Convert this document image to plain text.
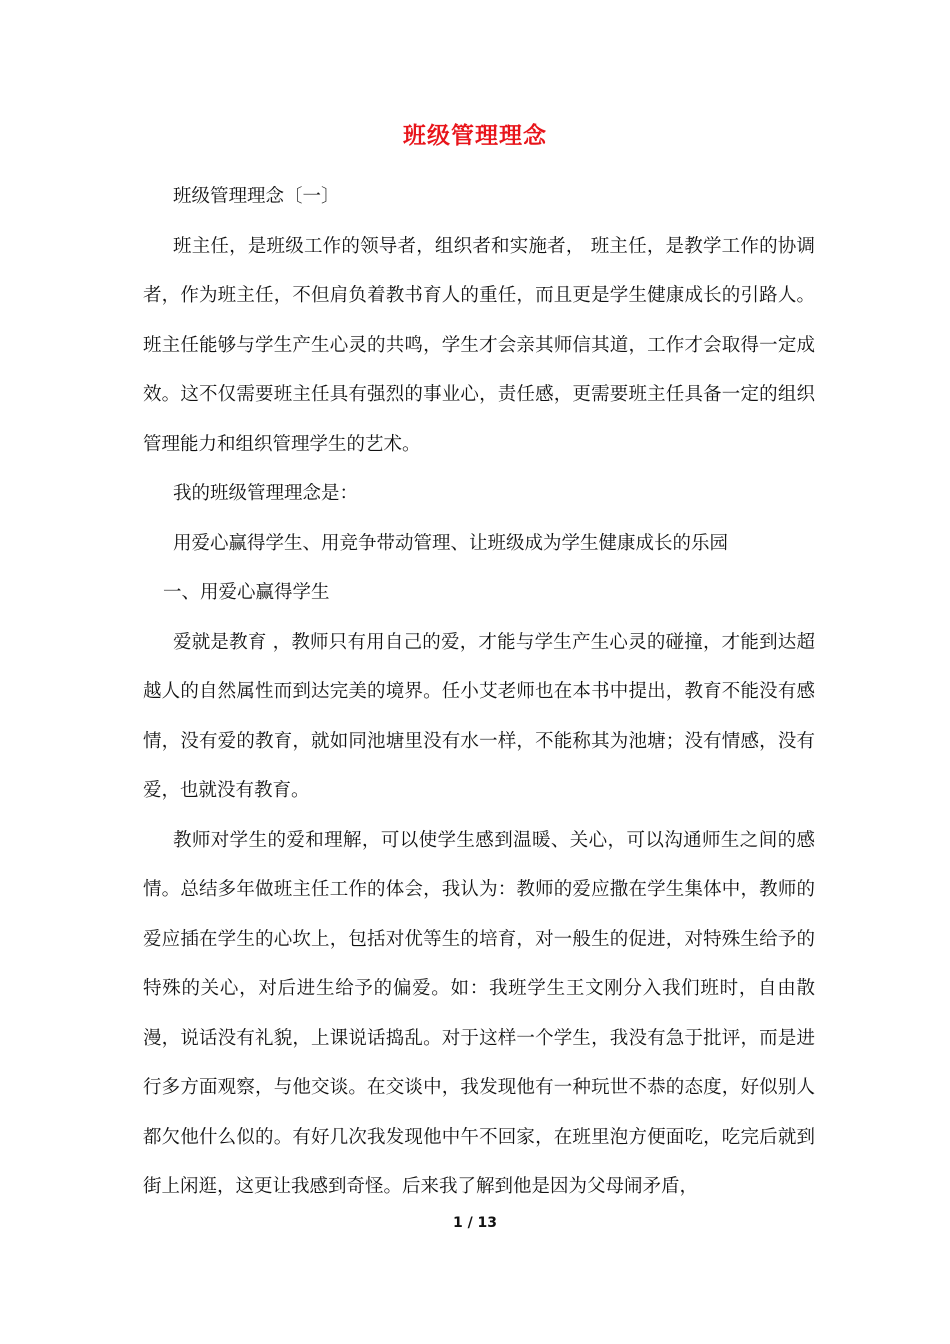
班级管理理念

班级管理理念〔一〕

班主任，是班级工作的领导者，组织者和实施者， 班主任，是教学工作的协调者，作为班主任，不但肩负着教书育人的重任，而且更是学生健康成长的引路人。班主任能够与学生产生心灵的共鸣，学生才会亲其师信其道，工作才会取得一定成效。这不仅需要班主任具有强烈的事业心，责任感，更需要班主任具备一定的组织管理能力和组织管理学生的艺术。

我的班级管理理念是：

用爱心赢得学生、用竞争带动管理、让班级成为学生健康成长的乐园

一、用爱心赢得学生

爱就是教育 ，教师只有用自己的爱，才能与学生产生心灵的碰撞，才能到达超越人的自然属性而到达完美的境界。任小艾老师也在本书中提出，教育不能没有感情，没有爱的教育，就如同池塘里没有水一样，不能称其为池塘；没有情感，没有爱，也就没有教育。

教师对学生的爱和理解，可以使学生感到温暖、关心，可以沟通师生之间的感情。总结多年做班主任工作的体会，我认为：教师的爱应撒在学生集体中，教师的爱应插在学生的心坎上，包括对优等生的培育，对一般生的促进，对特殊生给予的特殊的关心，对后进生给予的偏爱。如：我班学生王文刚分入我们班时，自由散漫，说话没有礼貌，上课说话捣乱。对于这样一个学生，我没有急于批评，而是进行多方面观察，与他交谈。在交谈中，我发现他有一种玩世不恭的态度，好似别人都欠他什么似的。有好几次我发现他中午不回家，在班里泡方便面吃，吃完后就到街上闲逛，这更让我感到奇怪。后来我了解到他是因为父母闹矛盾，

1 / 13
